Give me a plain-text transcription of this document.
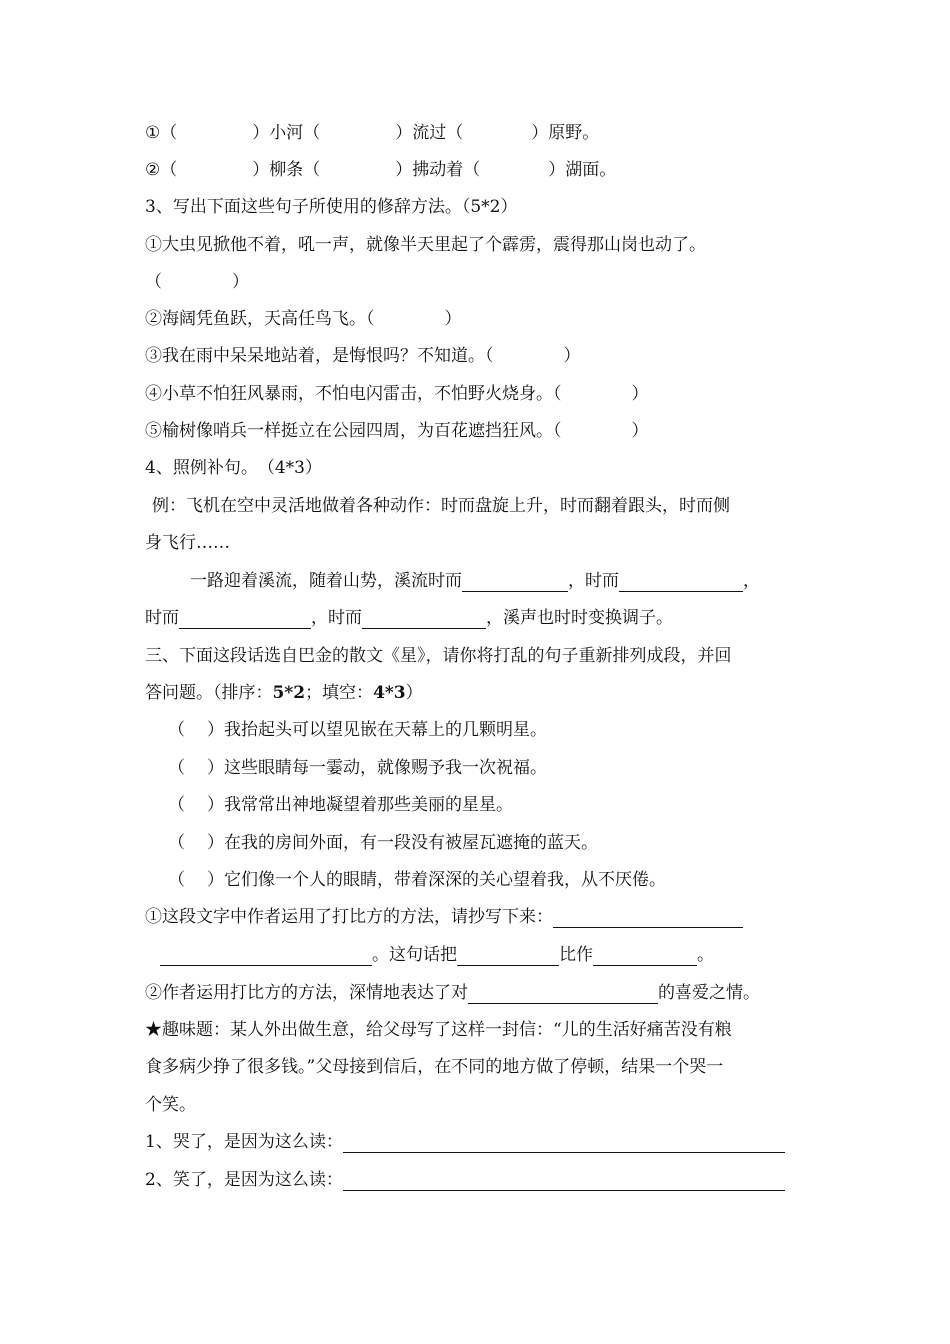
①（	）小河（	）流过（	）原野。
②（	）柳条（	）拂动着（	）湖面。
3、写出下面这些句子所使用的修辞方法。（5*2）
①大虫见掀他不着，吼一声，就像半天里起了个霹雳，震得那山岗也动了。
（	）
②海阔凭鱼跃，天高任鸟飞。（	）
③我在雨中呆呆地站着，是悔恨吗？不知道。（	）
④小草不怕狂风暴雨，不怕电闪雷击，不怕野火烧身。（	）
⑤榆树像哨兵一样挺立在公园四周，为百花遮挡狂风。（	）
4、照例补句。　（4*3）
例：飞机在空中灵活地做着各种动作：时而盘旋上升，时而翻着跟头，时而侧
身飞行……
一路迎着溪流，随着山势，溪流时而	，时而	，
时而	，时而	，溪声也时时变换调子。
三、下面这段话选自巴金的散文《星》，请你将打乱的句子重新排列成段，并回
答问题。（排序：5*2；填空：4*3）
（ ）我抬起头可以望见嵌在天幕上的几颗明星。
（ ）这些眼睛每一霎动，就像赐予我一次祝福。
（ ）我常常出神地凝望着那些美丽的星星。
（ ）在我的房间外面，有一段没有被屋瓦遮掩的蓝天。
（ ）它们像一个人的眼睛，带着深深的关心望着我，从不厌倦。
①这段文字中作者运用了打比方的方法，请抄写下来：
。这句话把	比作	。
②作者运用打比方的方法，深情地表达了对	的喜爱之情。
★趣味题：某人外出做生意，给父母写了这样一封信：“儿的生活好痛苦没有粮
食多病少挣了很多钱。”父母接到信后，在不同的地方做了停顿，结果一个哭一
个笑。
1、哭了，是因为这么读：
2、笑了，是因为这么读：
